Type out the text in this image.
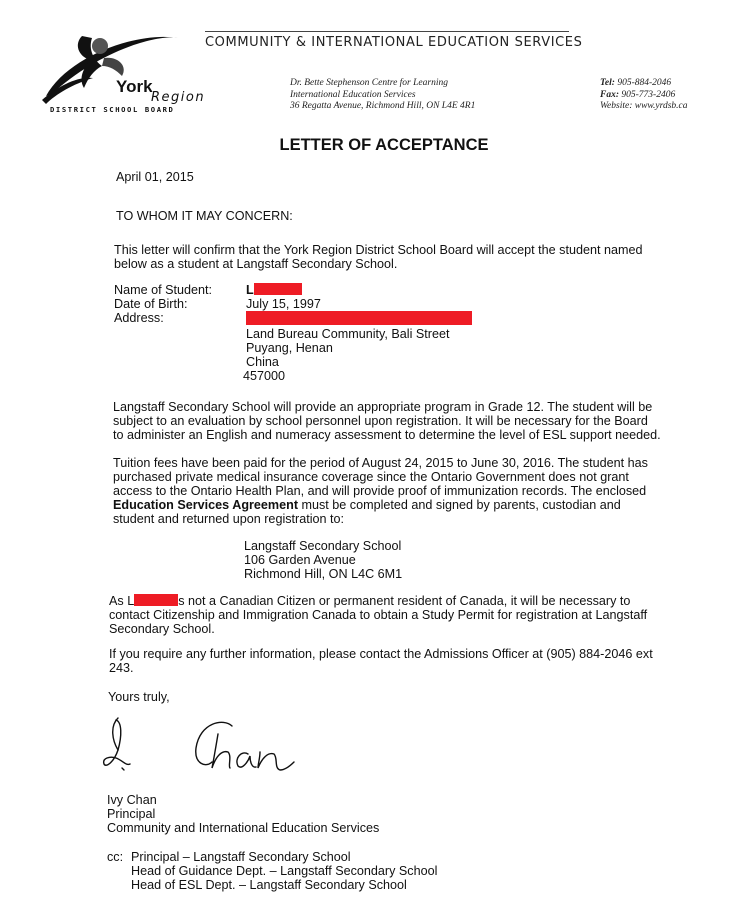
York
Region
DISTRICT SCHOOL BOARD
COMMUNITY & INTERNATIONAL EDUCATION SERVICES
Dr. Bette Stephenson Centre for Learning
International Education Services
36 Regatta Avenue, Richmond Hill, ON L4E 4R1
Tel: 905-884-2046
Fax: 905-773-2406
Website: www.yrdsb.ca
LETTER OF ACCEPTANCE
April 01, 2015
TO WHOM IT MAY CONCERN:
This letter will confirm that the York Region District School Board will accept the student named
below as a student at Langstaff Secondary School.
Name of Student:
Date of Birth:
Address:
L
July 15, 1997
Land Bureau Community, Bali Street
Puyang, Henan
China
457000
Langstaff Secondary School will provide an appropriate program in Grade 12. The student will be
subject to an evaluation by school personnel upon registration. It will be necessary for the Board
to administer an English and numeracy assessment to determine the level of ESL support needed.
Tuition fees have been paid for the period of August 24, 2015 to June 30, 2016. The student has
purchased private medical insurance coverage since the Ontario Government does not grant
access to the Ontario Health Plan, and will provide proof of immunization records. The enclosed
Education Services Agreement must be completed and signed by parents, custodian and
student and returned upon registration to:
Langstaff Secondary School
106 Garden Avenue
Richmond Hill, ON L4C 6M1
As L	s not a Canadian Citizen or permanent resident of Canada, it will be necessary to
contact Citizenship and Immigration Canada to obtain a Study Permit for registration at Langstaff
Secondary School.
If you require any further information, please contact the Admissions Officer at (905) 884-2046 ext
243.
Yours truly,
Ivy Chan
Principal
Community and International Education Services
cc: Principal – Langstaff Secondary School
Head of Guidance Dept. – Langstaff Secondary School
Head of ESL Dept. – Langstaff Secondary School
